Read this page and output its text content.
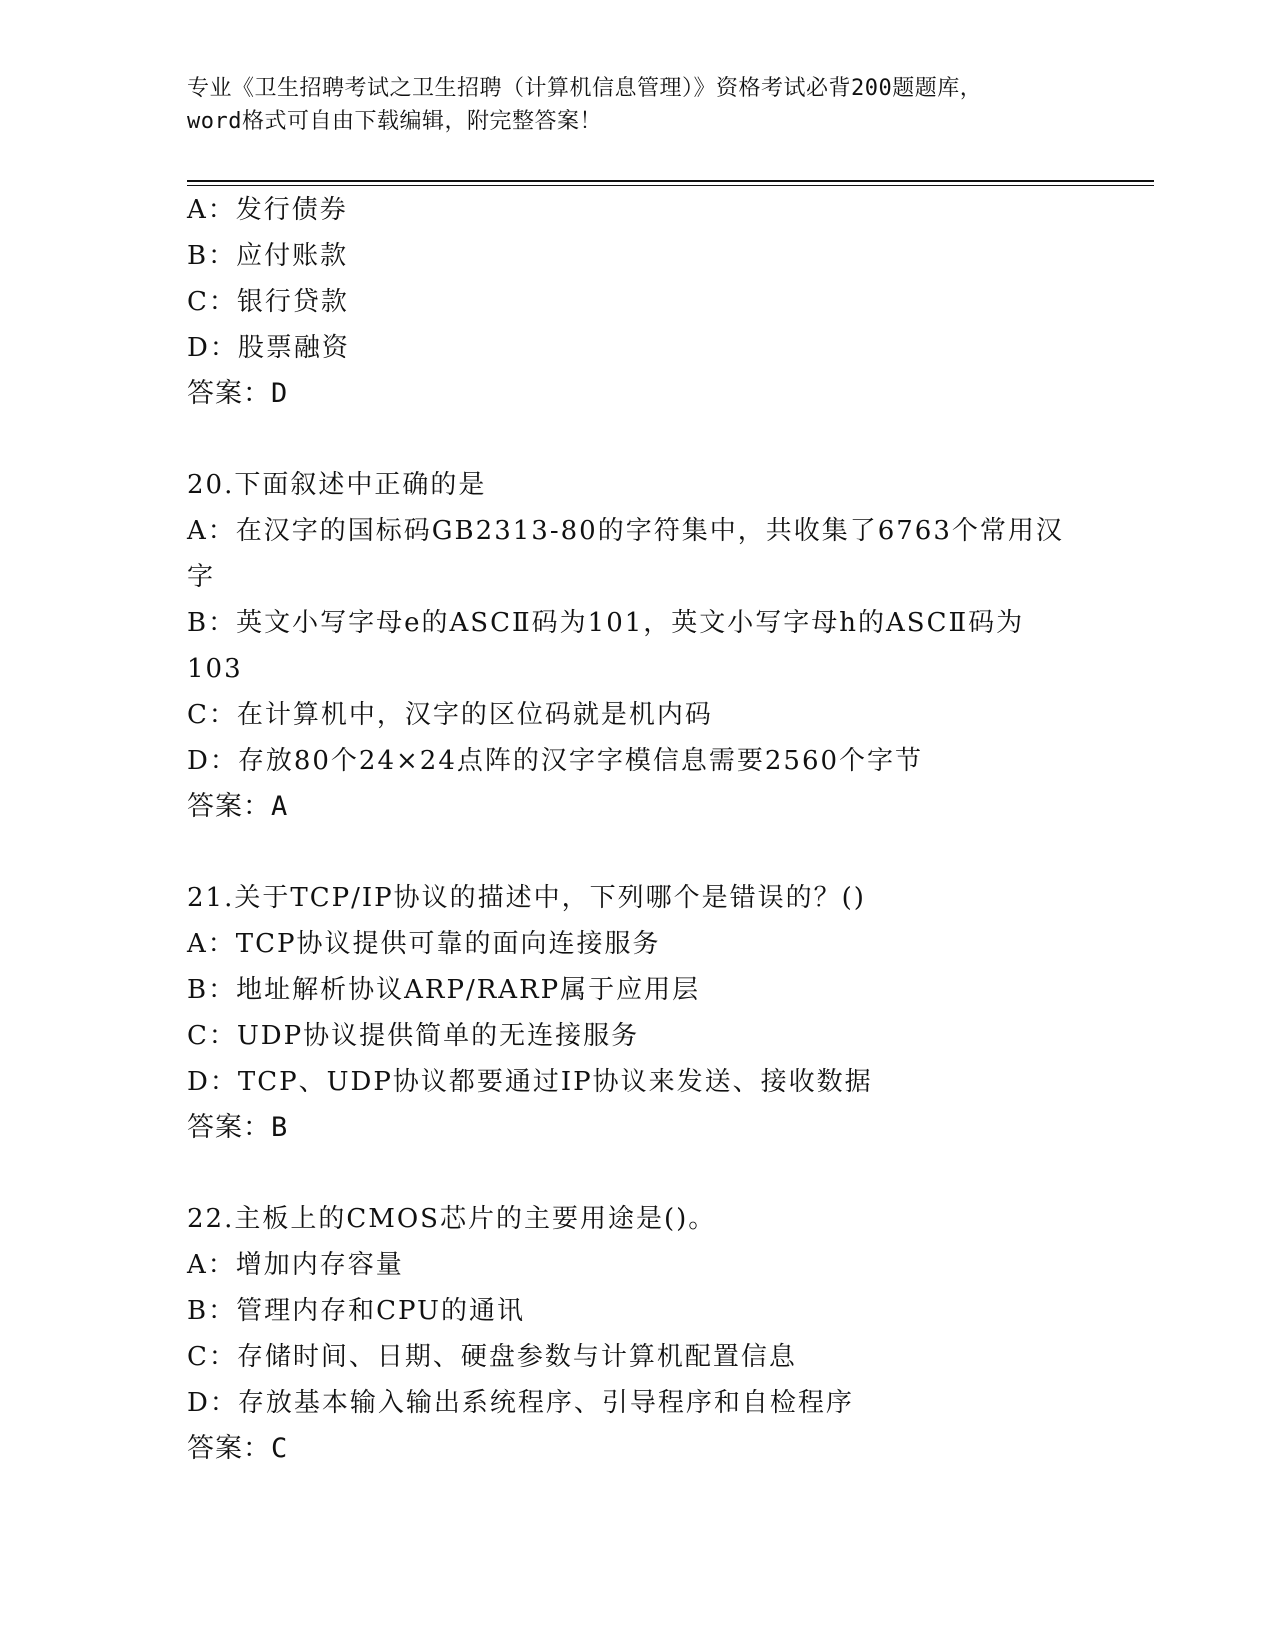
专业《卫生招聘考试之卫生招聘（计算机信息管理）》资格考试必背200题题库，
word格式可自由下载编辑，附完整答案！
A：发行债券
B：应付账款
C：银行贷款
D：股票融资
答案：D
20.下面叙述中正确的是
A：在汉字的国标码GB2313-80的字符集中，共收集了6763个常用汉
字
B：英文小写字母e的ASCⅡ码为101，英文小写字母h的ASCⅡ码为
103
C：在计算机中，汉字的区位码就是机内码
D：存放80个24×24点阵的汉字字模信息需要2560个字节
答案：A
21.关于TCP/IP协议的描述中，下列哪个是错误的？()
A：TCP协议提供可靠的面向连接服务
B：地址解析协议ARP/RARP属于应用层
C：UDP协议提供简单的无连接服务
D：TCP、UDP协议都要通过IP协议来发送、接收数据
答案：B
22.主板上的CMOS芯片的主要用途是()。
A：增加内存容量
B：管理内存和CPU的通讯
C：存储时间、日期、硬盘参数与计算机配置信息
D：存放基本输入输出系统程序、引导程序和自检程序
答案：C
